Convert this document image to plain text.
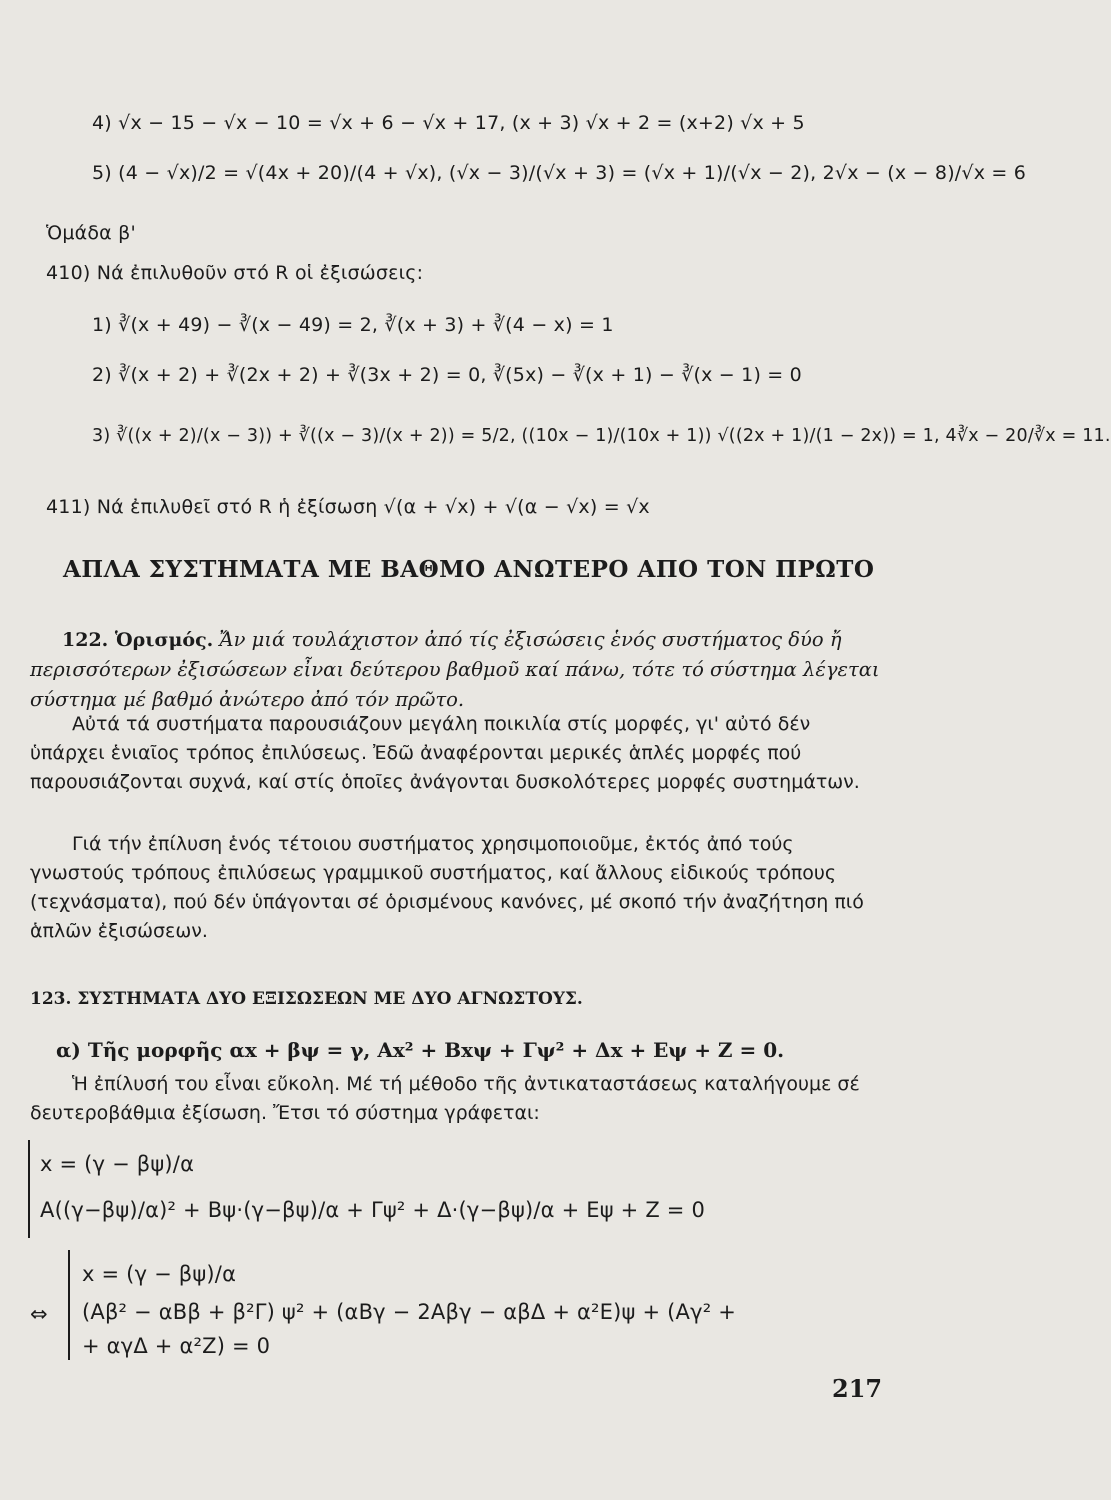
4) √x − 15 − √x − 10 = √x + 6 − √x + 17, (x + 3) √x + 2 = (x+2) √x + 5
5) (4 − √x)/2 = √(4x + 20)/(4 + √x), (√x − 3)/(√x + 3) = (√x + 1)/(√x − 2), 2√x − (x − 8)/√x = 6
Ὁμάδα β'
410) Νά ἐπιλυθοῦν στό R οἱ ἐξισώσεις:
1) ∛(x + 49) − ∛(x − 49) = 2, ∛(x + 3) + ∛(4 − x) = 1
2) ∛(x + 2) + ∛(2x + 2) + ∛(3x + 2) = 0, ∛(5x) − ∛(x + 1) − ∛(x − 1) = 0
3) ∛((x + 2)/(x − 3)) + ∛((x − 3)/(x + 2)) = 5/2, ((10x − 1)/(10x + 1)) √((2x + 1)/(1 − 2x)) = 1, 4∛x − 20/∛x = 11.
411) Νά ἐπιλυθεῖ στό R ἡ ἐξίσωση √(α + √x) + √(α − √x) = √x
ΑΠΛΑ ΣΥΣΤΗΜΑΤΑ ΜΕ ΒΑΘΜΟ ΑΝΩΤΕΡΟ ΑΠΟ ΤΟΝ ΠΡΩΤΟ

122. Ὁρισμός. Ἄν μιά τουλάχιστον ἀπό τίς ἐξισώσεις ἑνός συστήματος δύο ἤ περισσότερων ἐξισώσεων εἶναι δεύτερου βαθμοῦ καί πάνω, τότε τό σύστημα λέγεται σύστημα μέ βαθμό ἀνώτερο ἀπό τόν πρῶτο.

Αὐτά τά συστήματα παρουσιάζουν μεγάλη ποικιλία στίς μορφές, γι' αὐτό δέν ὑπάρχει ἑνιαῖος τρόπος ἐπιλύσεως. Ἐδῶ ἀναφέρονται μερικές ἁπλές μορφές πού παρουσιάζονται συχνά, καί στίς ὁποῖες ἀνάγονται δυσκολότερες μορφές συστημάτων.
Γιά τήν ἐπίλυση ἑνός τέτοιου συστήματος χρησιμοποιοῦμε, ἐκτός ἀπό τούς γνωστούς τρόπους ἐπιλύσεως γραμμικοῦ συστήματος, καί ἄλλους εἰδικούς τρόπους (τεχνάσματα), πού δέν ὑπάγονται σέ ὁρισμένους κανόνες, μέ σκοπό τήν ἀναζήτηση πιό ἁπλῶν ἐξισώσεων.
123. ΣΥΣΤΗΜΑΤΑ ΔΥΟ ΕΞΙΣΩΣΕΩΝ ΜΕ ΔΥΟ ΑΓΝΩΣΤΟΥΣ.
α) Τῆς μορφῆς αx + βψ = γ, Ax² + Bxψ + Γψ² + Δx + Eψ + Z = 0.
Ἡ ἐπίλυσή του εἶναι εὔκολη. Μέ τή μέθοδο τῆς ἀντικαταστάσεως καταλήγουμε σέ δευτεροβάθμια ἐξίσωση. Ἔτσι τό σύστημα γράφεται:
x = (γ − βψ)/α
A((γ−βψ)/α)² + Bψ·(γ−βψ)/α + Γψ² + Δ·(γ−βψ)/α + Eψ + Z = 0
⇔
x = (γ − βψ)/α
(Aβ² − αBβ + β²Γ) ψ² + (αBγ − 2Aβγ − αβΔ + α²E)ψ + (Aγ² +
+ αγΔ + α²Z) = 0
217
